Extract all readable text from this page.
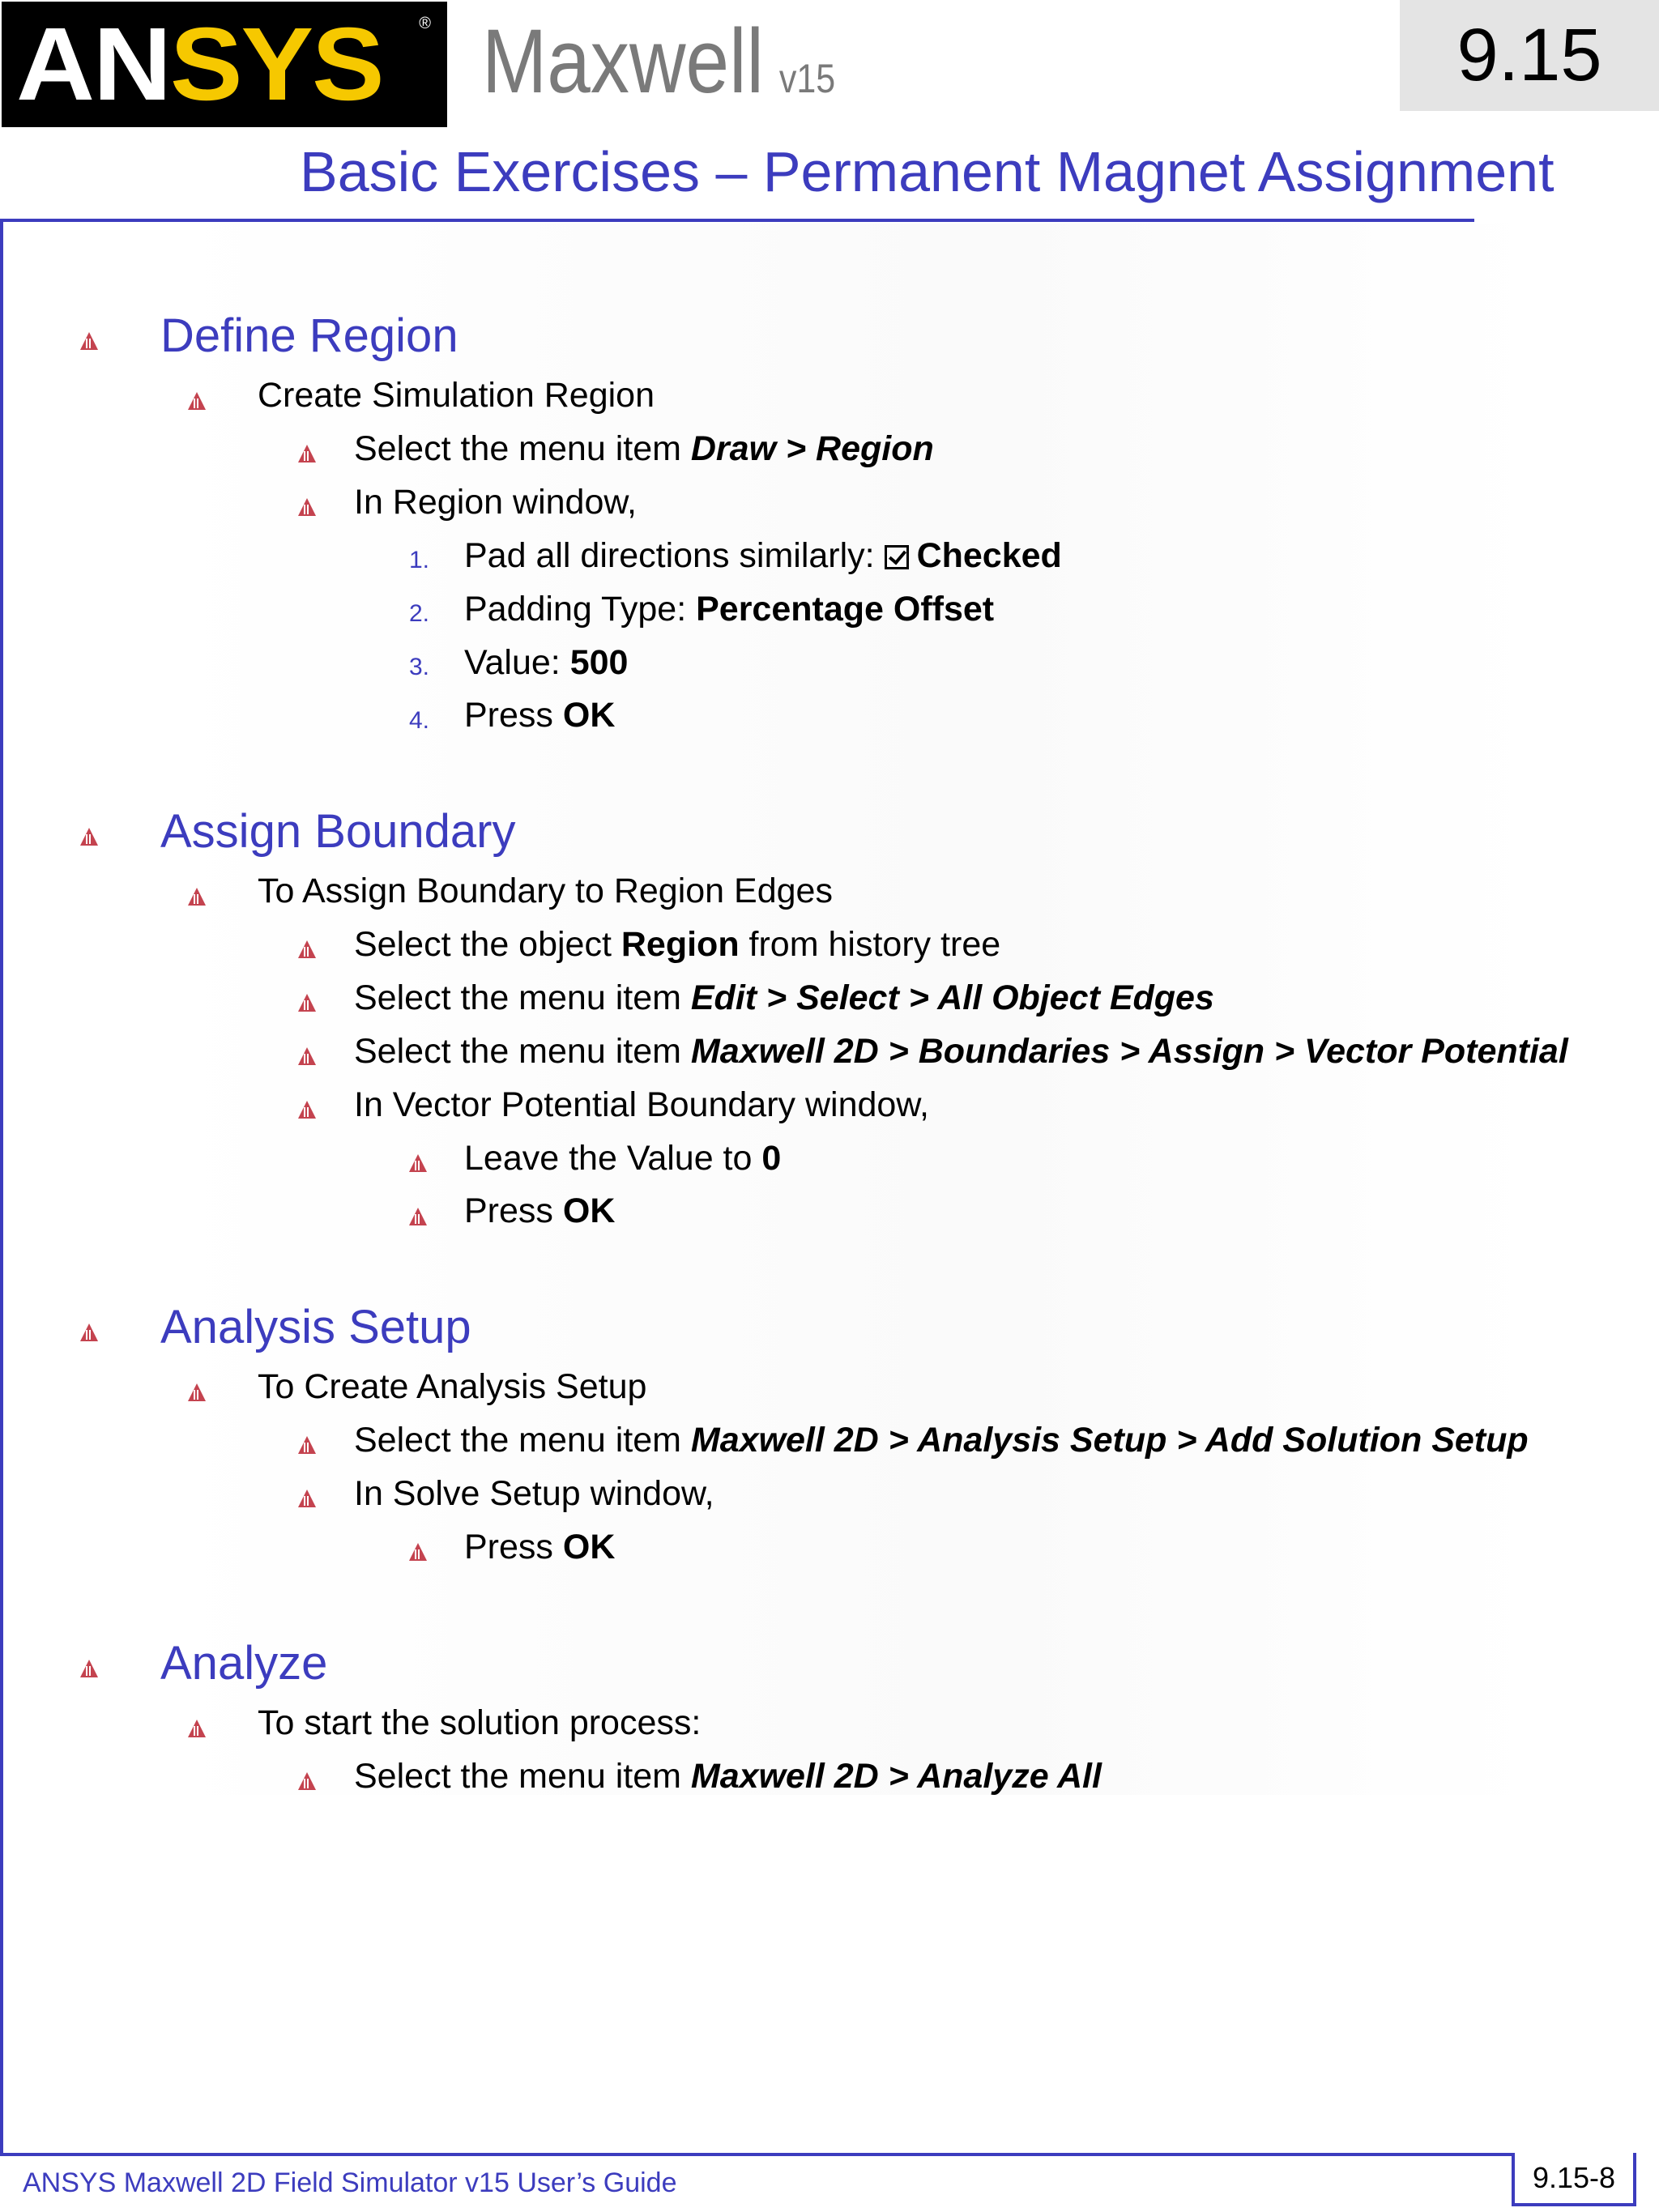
ANSYS ® Maxwell v15	9.15
Basic Exercises – Permanent Magnet Assignment
Define Region
Create Simulation Region
Select the menu item Draw > Region
In Region window,
1. Pad all directions similarly: Checked
2. Padding Type: Percentage Offset
3. Value: 500
4. Press OK
Assign Boundary
To Assign Boundary to Region Edges
Select the object Region from history tree
Select the menu item Edit > Select > All Object Edges
Select the menu item Maxwell 2D > Boundaries > Assign > Vector Potential
In Vector Potential Boundary window,
Leave the Value to 0
Press OK
Analysis Setup
To Create Analysis Setup
Select the menu item Maxwell 2D > Analysis Setup > Add Solution Setup
In Solve Setup window,
Press OK
Analyze
To start the solution process:
Select the menu item Maxwell 2D > Analyze All
ANSYS Maxwell 2D Field Simulator v15 User’s Guide	9.15-8
